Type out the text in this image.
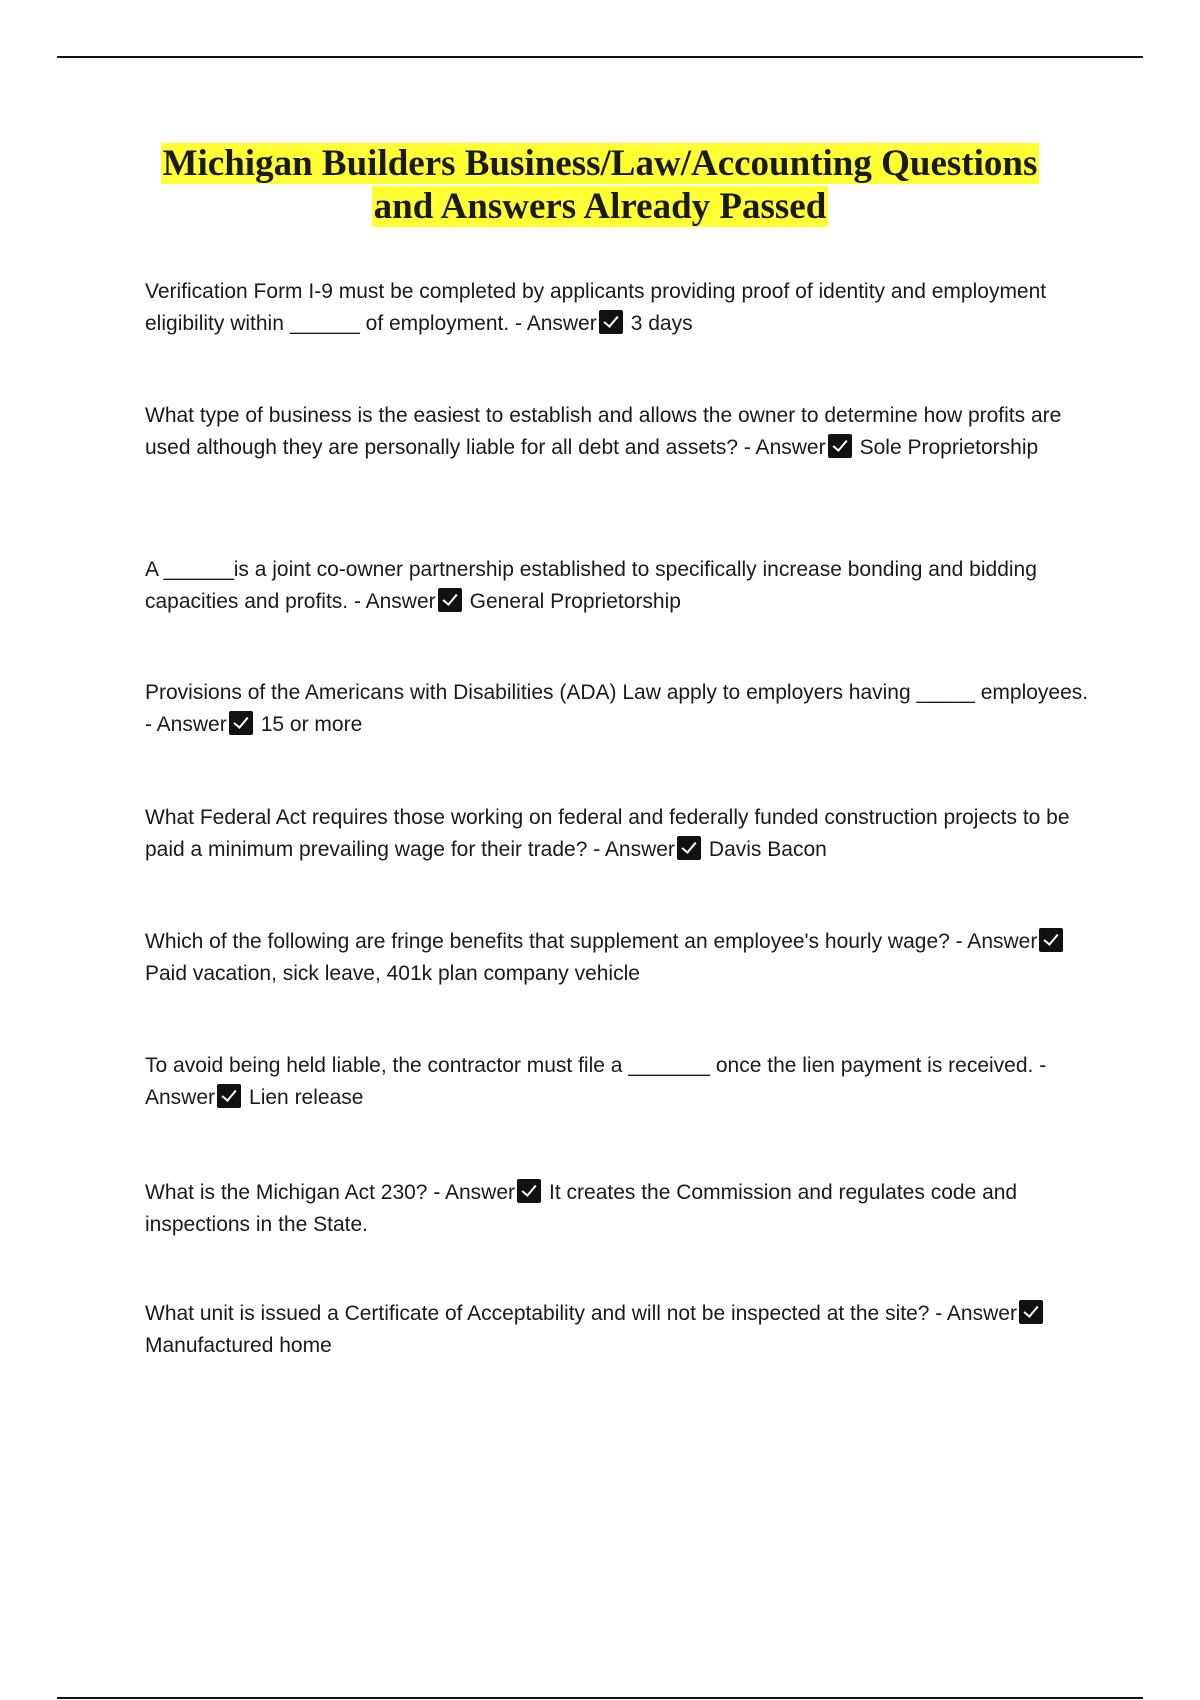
Michigan Builders Business/Law/Accounting Questions
and Answers Already Passed

Verification Form I-9 must be completed by applicants providing proof of identity and employment eligibility within ______ of employment. - Answer 3 days

What type of business is the easiest to establish and allows the owner to determine how profits are used although they are personally liable for all debt and assets? - Answer Sole Proprietorship

A ______is a joint co-owner partnership established to specifically increase bonding and bidding capacities and profits. - Answer General Proprietorship

Provisions of the Americans with Disabilities (ADA) Law apply to employers having _____ employees. - Answer 15 or more

What Federal Act requires those working on federal and federally funded construction projects to be paid a minimum prevailing wage for their trade? - Answer Davis Bacon

Which of the following are fringe benefits that supplement an employee's hourly wage? - AnswerPaid vacation, sick leave, 401k plan company vehicle

To avoid being held liable, the contractor must file a _______ once the lien payment is received. - Answer Lien release

What is the Michigan Act 230? - Answer It creates the Commission and regulates code and inspections in the State.

What unit is issued a Certificate of Acceptability and will not be inspected at the site? - AnswerManufactured home
